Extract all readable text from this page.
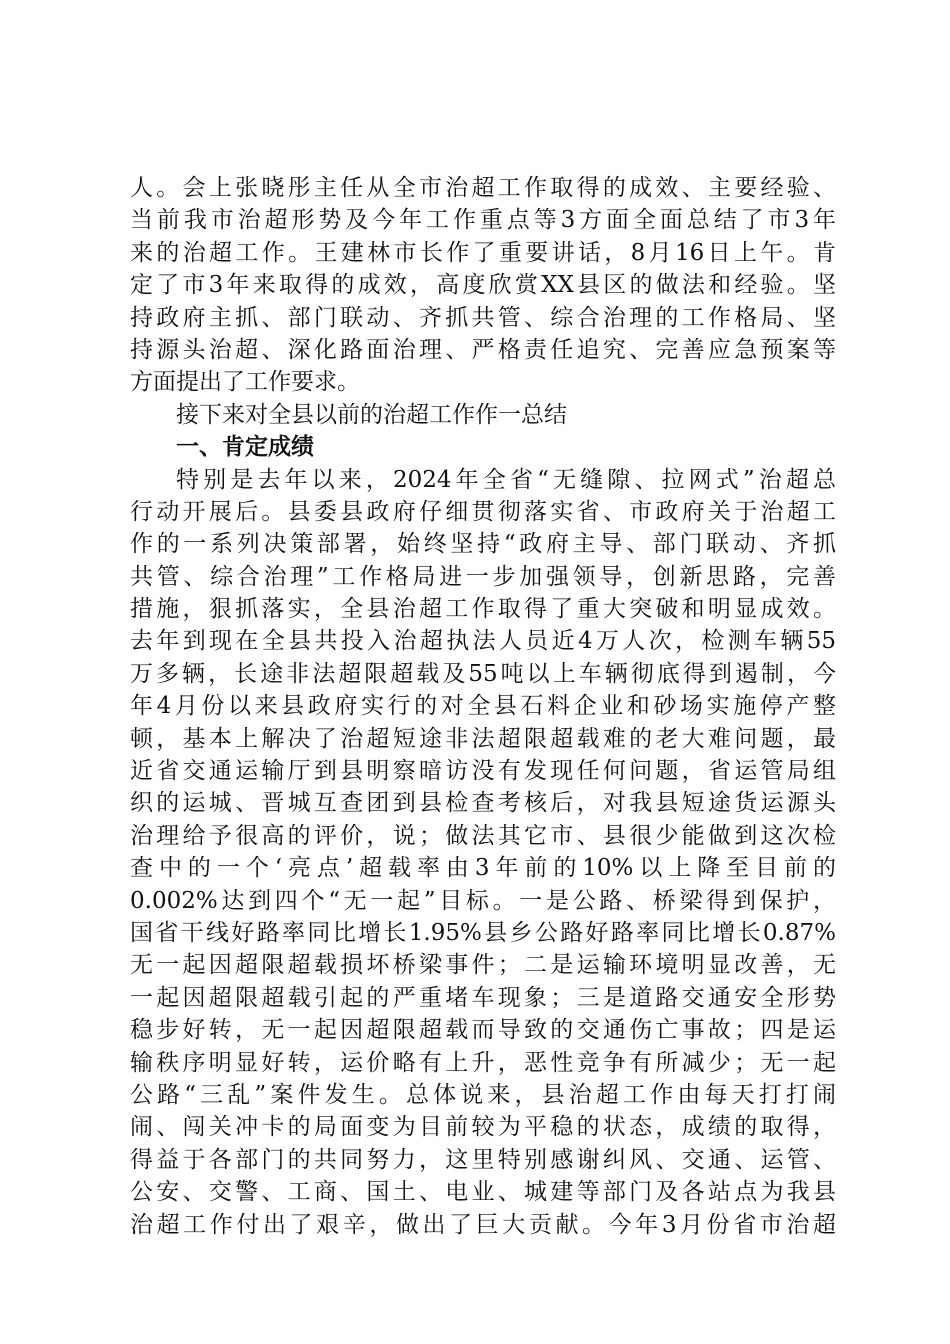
人。会上张晓彤主任从全市治超工作取得的成效、主要经验、
当前我市治超形势及今年工作重点等3方面全面总结了市3年
来的治超工作。王建林市长作了重要讲话，8月16日上午。肯
定了市3年来取得的成效，高度欣赏XX县区的做法和经验。坚
持政府主抓、部门联动、齐抓共管、综合治理的工作格局、坚
持源头治超、深化路面治理、严格责任追究、完善应急预案等
方面提出了工作要求。
接下来对全县以前的治超工作作一总结
一、肯定成绩
特别是去年以来，2024年全省“无缝隙、拉网式”治超总
行动开展后。县委县政府仔细贯彻落实省、市政府关于治超工
作的一系列决策部署，始终坚持“政府主导、部门联动、齐抓
共管、综合治理”工作格局进一步加强领导，创新思路，完善
措施，狠抓落实，全县治超工作取得了重大突破和明显成效。
去年到现在全县共投入治超执法人员近4万人次，检测车辆55
万多辆，长途非法超限超载及55吨以上车辆彻底得到遏制，今
年4月份以来县政府实行的对全县石料企业和砂场实施停产整
顿，基本上解决了治超短途非法超限超载难的老大难问题，最
近省交通运输厅到县明察暗访没有发现任何问题，省运管局组
织的运城、晋城互查团到县检查考核后，对我县短途货运源头
治理给予很高的评价，说；做法其它市、县很少能做到这次检
查中的一个‘亮点’超载率由3年前的10%以上降至目前的
0.002%达到四个“无一起”目标。一是公路、桥梁得到保护，
国省干线好路率同比增长1.95%县乡公路好路率同比增长0.87%
无一起因超限超载损坏桥梁事件；二是运输环境明显改善，无
一起因超限超载引起的严重堵车现象；三是道路交通安全形势
稳步好转，无一起因超限超载而导致的交通伤亡事故；四是运
输秩序明显好转，运价略有上升，恶性竞争有所减少；无一起
公路“三乱”案件发生。总体说来，县治超工作由每天打打闹
闹、闯关冲卡的局面变为目前较为平稳的状态，成绩的取得，
得益于各部门的共同努力，这里特别感谢纠风、交通、运管、
公安、交警、工商、国土、电业、城建等部门及各站点为我县
治超工作付出了艰辛，做出了巨大贡献。今年3月份省市治超
